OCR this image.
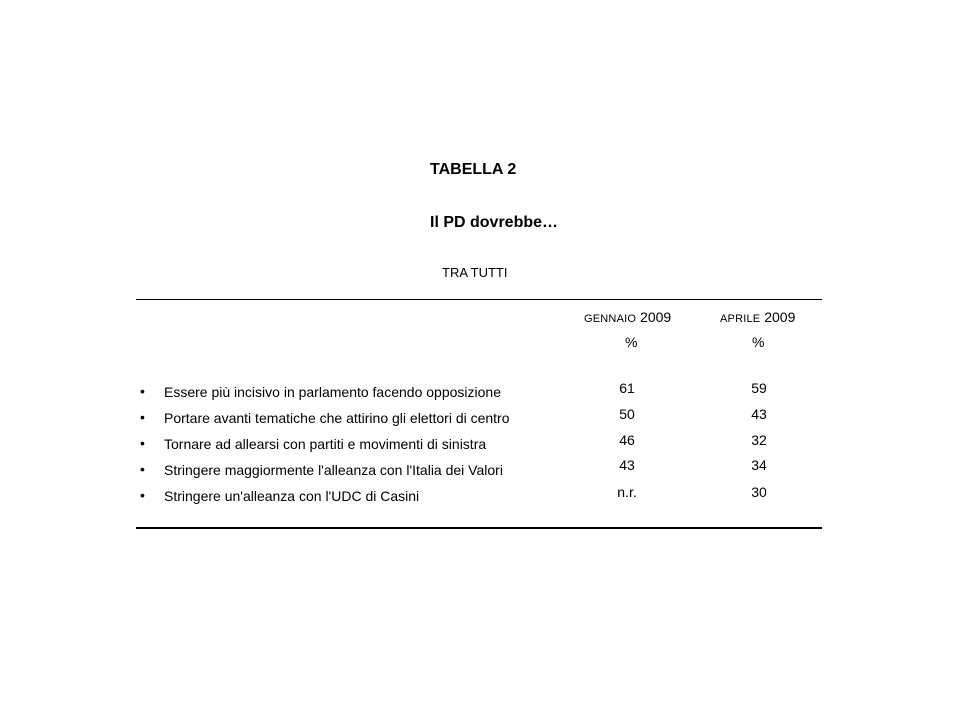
TABELLA 2
Il PD dovrebbe…
TRA TUTTI
GENNAIO 2009	APRILE 2009
%	%
• Essere più incisivo in parlamento facendo opposizione	61	59
• Portare avanti tematiche che attirino gli elettori di centro	50	43
• Tornare ad allearsi con partiti e movimenti di sinistra	46	32
• Stringere maggiormente l'alleanza con l'Italia dei Valori	43	34
• Stringere un'alleanza con l'UDC di Casini	n.r.	30
